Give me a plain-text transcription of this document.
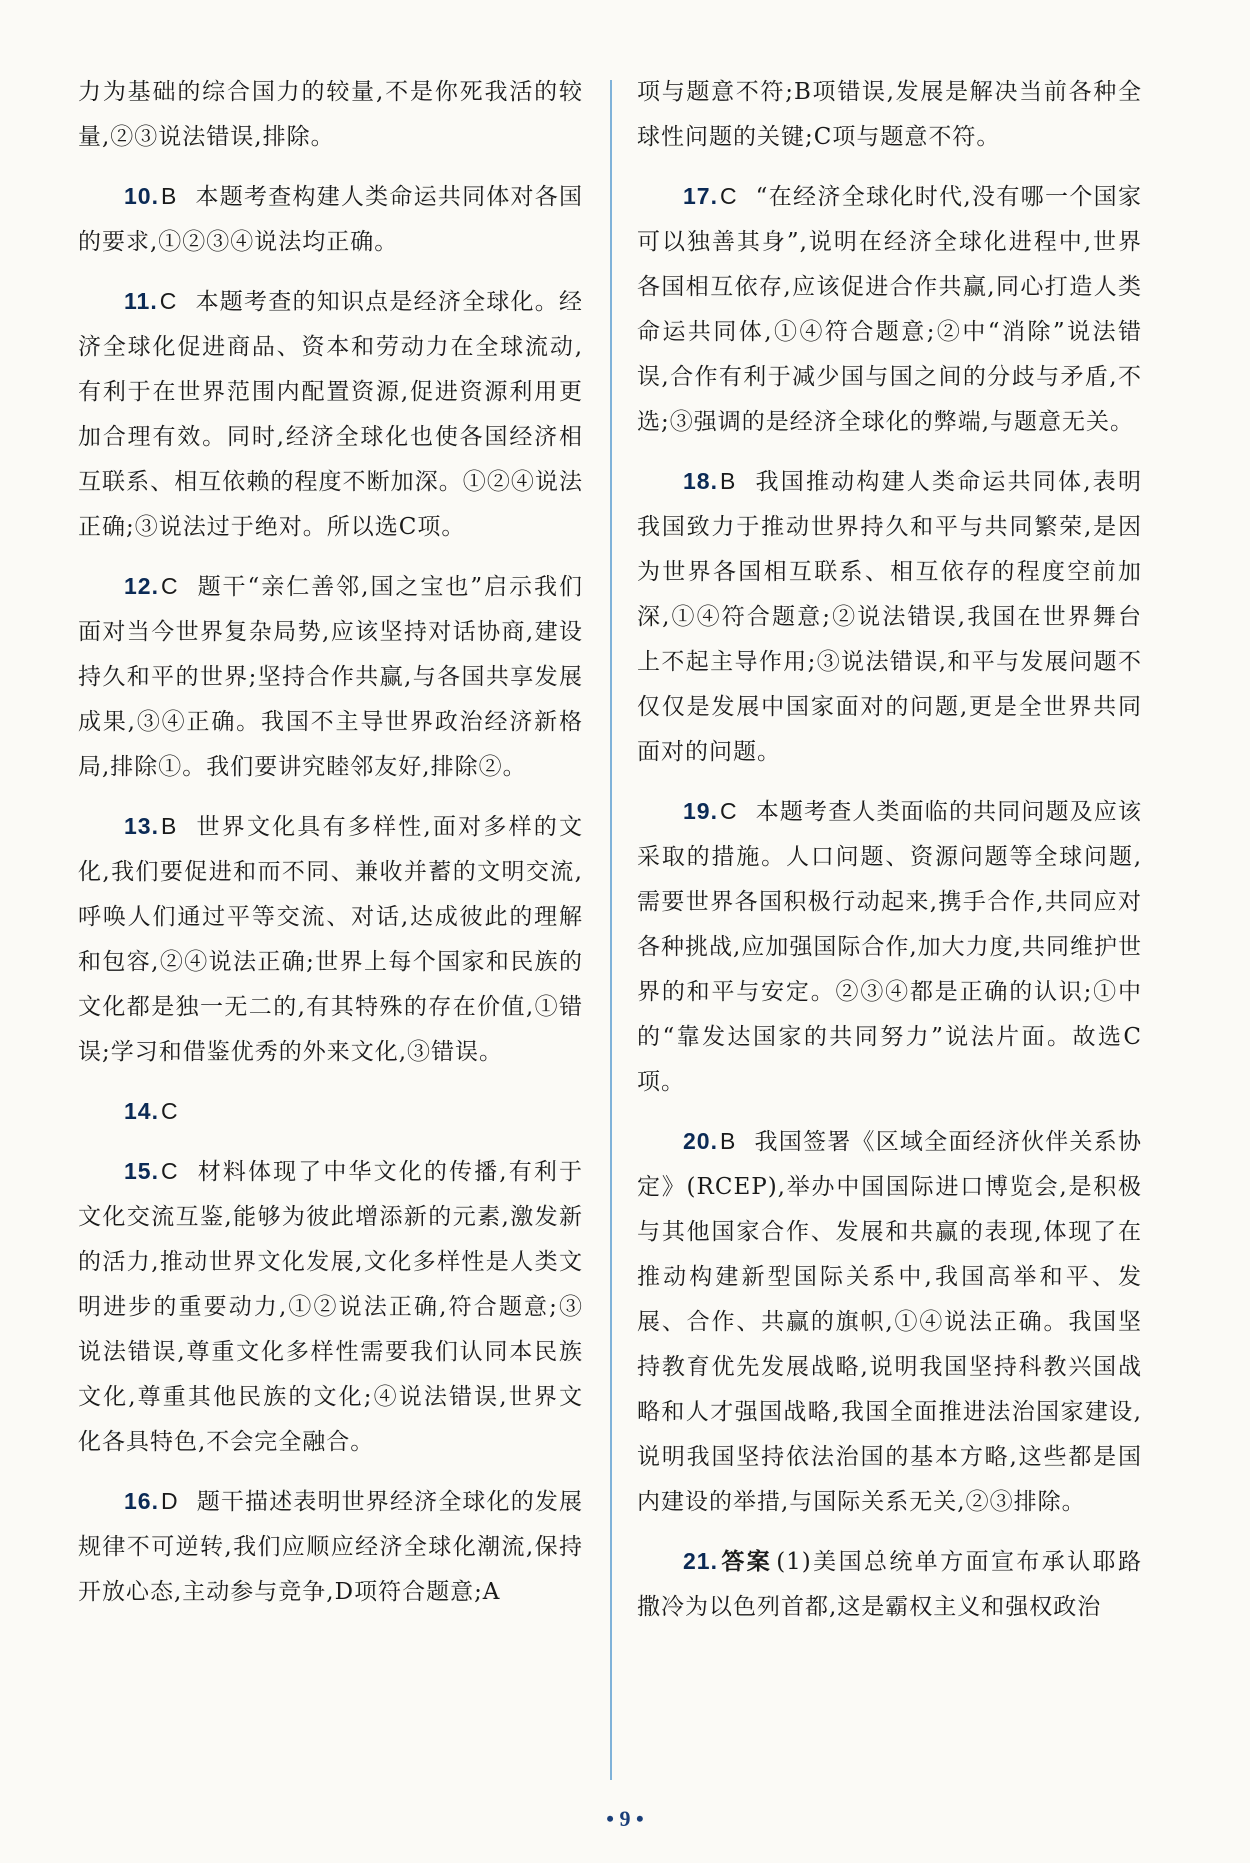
力为基础的综合国力的较量,不是你死我活的较量,②③说法错误,排除。

10.B 本题考查构建人类命运共同体对各国的要求,①②③④说法均正确。

11.C 本题考查的知识点是经济全球化。经济全球化促进商品、资本和劳动力在全球流动,有利于在世界范围内配置资源,促进资源利用更加合理有效。同时,经济全球化也使各国经济相互联系、相互依赖的程度不断加深。①②④说法正确;③说法过于绝对。所以选C项。

12.C 题干“亲仁善邻,国之宝也”启示我们面对当今世界复杂局势,应该坚持对话协商,建设持久和平的世界;坚持合作共赢,与各国共享发展成果,③④正确。我国不主导世界政治经济新格局,排除①。我们要讲究睦邻友好,排除②。

13.B 世界文化具有多样性,面对多样的文化,我们要促进和而不同、兼收并蓄的文明交流,呼唤人们通过平等交流、对话,达成彼此的理解和包容,②④说法正确;世界上每个国家和民族的文化都是独一无二的,有其特殊的存在价值,①错误;学习和借鉴优秀的外来文化,③错误。

14.C

15.C 材料体现了中华文化的传播,有利于文化交流互鉴,能够为彼此增添新的元素,激发新的活力,推动世界文化发展,文化多样性是人类文明进步的重要动力,①②说法正确,符合题意;③说法错误,尊重文化多样性需要我们认同本民族文化,尊重其他民族的文化;④说法错误,世界文化各具特色,不会完全融合。

16.D 题干描述表明世界经济全球化的发展规律不可逆转,我们应顺应经济全球化潮流,保持开放心态,主动参与竞争,D项符合题意;A

项与题意不符;B项错误,发展是解决当前各种全球性问题的关键;C项与题意不符。

17.C “在经济全球化时代,没有哪一个国家可以独善其身”,说明在经济全球化进程中,世界各国相互依存,应该促进合作共赢,同心打造人类命运共同体,①④符合题意;②中“消除”说法错误,合作有利于减少国与国之间的分歧与矛盾,不选;③强调的是经济全球化的弊端,与题意无关。

18.B 我国推动构建人类命运共同体,表明我国致力于推动世界持久和平与共同繁荣,是因为世界各国相互联系、相互依存的程度空前加深,①④符合题意;②说法错误,我国在世界舞台上不起主导作用;③说法错误,和平与发展问题不仅仅是发展中国家面对的问题,更是全世界共同面对的问题。

19.C 本题考查人类面临的共同问题及应该采取的措施。人口问题、资源问题等全球问题,需要世界各国积极行动起来,携手合作,共同应对各种挑战,应加强国际合作,加大力度,共同维护世界的和平与安定。②③④都是正确的认识;①中的“靠发达国家的共同努力”说法片面。故选C项。

20.B 我国签署《区域全面经济伙伴关系协定》(RCEP),举办中国国际进口博览会,是积极与其他国家合作、发展和共赢的表现,体现了在推动构建新型国际关系中,我国高举和平、发展、合作、共赢的旗帜,①④说法正确。我国坚持教育优先发展战略,说明我国坚持科教兴国战略和人才强国战略,我国全面推进法治国家建设,说明我国坚持依法治国的基本方略,这些都是国内建设的举措,与国际关系无关,②③排除。

21.答案 (1)美国总统单方面宣布承认耶路撒冷为以色列首都,这是霸权主义和强权政治

• 9 •
